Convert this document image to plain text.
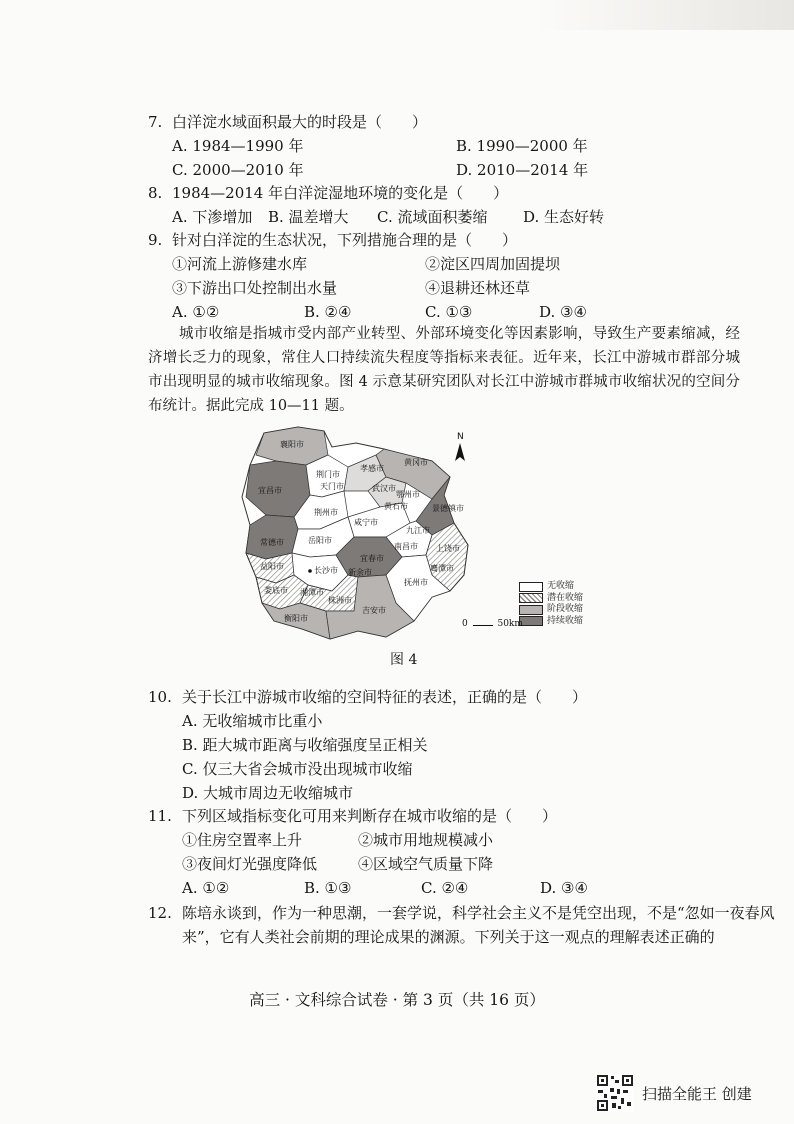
7. 白洋淀水域面积最大的时段是（　　）
A. 1984—1990 年	B. 1990—2000 年
C. 2000—2010 年	D. 2010—2014 年
8. 1984—2014 年白洋淀湿地环境的变化是（　　）
A. 下渗增加 B. 温差增大 C. 流域面积萎缩 D. 生态好转
9. 针对白洋淀的生态状况，下列措施合理的是（　　）
①河流上游修建水库	②淀区四周加固提坝
③下游出口处控制出水量	④退耕还林还草
A. ①②	B. ②④	C. ①③	D. ③④
城市收缩是指城市受内部产业转型、外部环境变化等因素影响，导致生产要素缩减，经济增长乏力的现象，常住人口持续流失程度等指标来表征。近年来，长江中游城市群部分城市出现明显的城市收缩现象。图 4 示意某研究团队对长江中游城市群城市收缩状况的空间分布统计。据此完成 10—11 题。
襄阳市
宜昌市
荆门市
孝感市
天门市
荆州市
黄冈市
武汉市
鄂州市
黄石市
咸宁市
景德镇市
上饶市
鹰潭市
常德市	岳阳市
益阳市
宜春市
新余市
娄底市
长沙市
湘潭市
株洲市
抚州市
衡阳市
吉安市
南昌市
九江市
N
无收缩
潜在收缩
阶段收缩
持续收缩
0	50km
图 4
10. 关于长江中游城市收缩的空间特征的表述，正确的是（　　）
A. 无收缩城市比重小
B. 距大城市距离与收缩强度呈正相关
C. 仅三大省会城市没出现城市收缩
D. 大城市周边无收缩城市
11. 下列区域指标变化可用来判断存在城市收缩的是（　　）
①住房空置率上升	②城市用地规模减小
③夜间灯光强度降低	④区域空气质量下降
A. ①②	B. ①③	C. ②④	D. ③④
12. 陈培永谈到，作为一种思潮，一套学说，科学社会主义不是凭空出现，不是“忽如一夜春风
来”，它有人类社会前期的理论成果的渊源。下列关于这一观点的理解表述正确的
高三 · 文科综合试卷 · 第 3 页（共 16 页）
扫描全能王 创建
